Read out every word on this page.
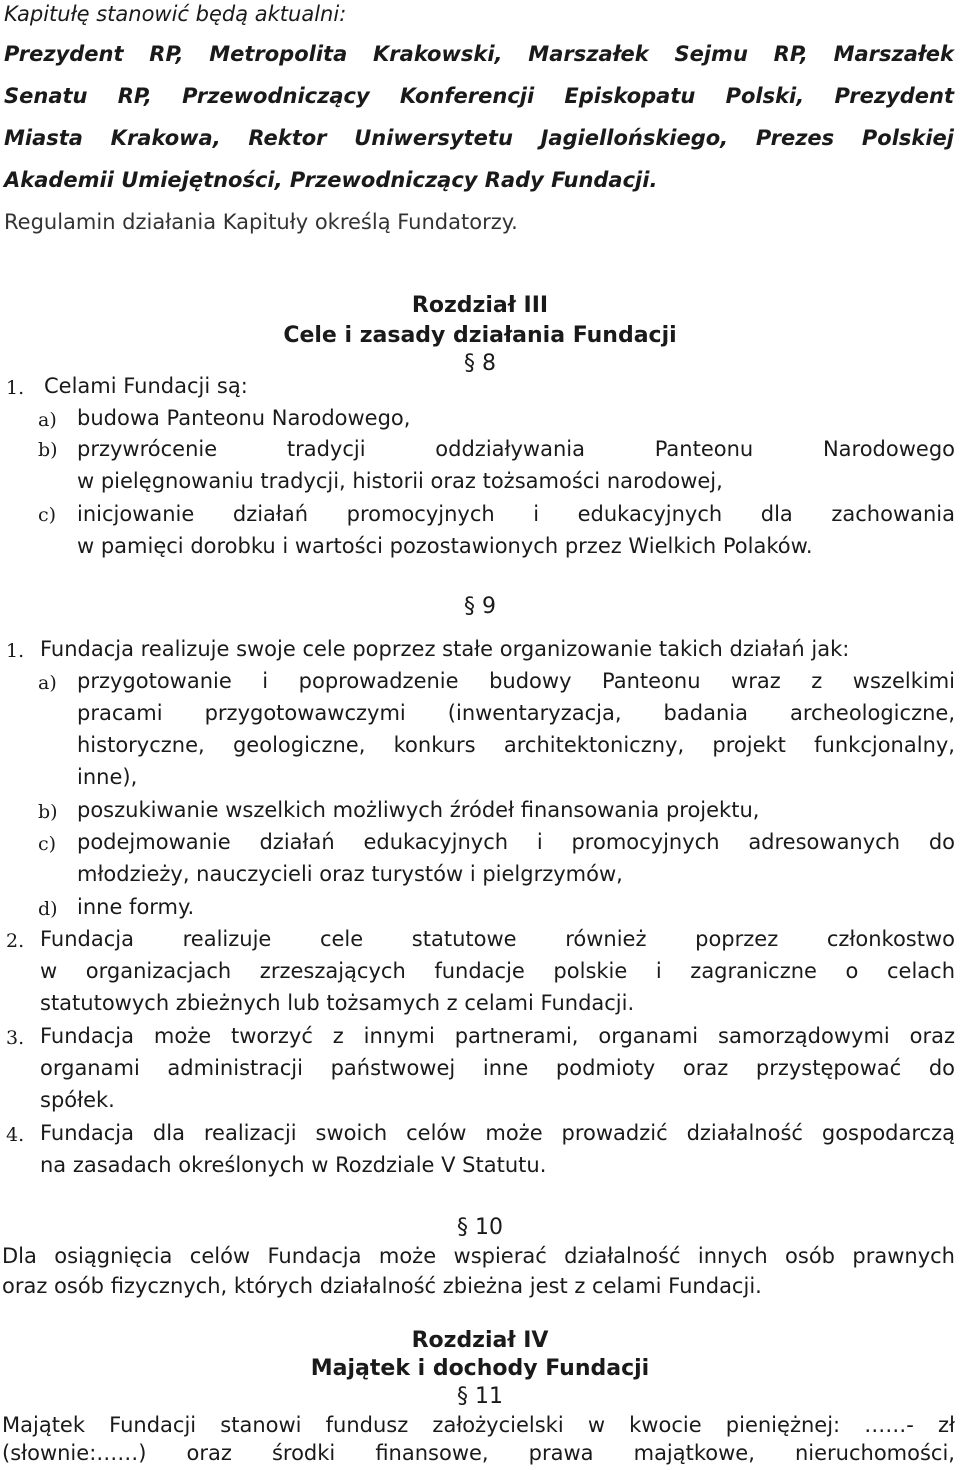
Kapitułę stanowić będą aktualni:
Prezydent RP, Metropolita Krakowski, Marszałek Sejmu RP, Marszałek
Senatu RP, Przewodniczący Konferencji Episkopatu Polski, Prezydent
Miasta Krakowa, Rektor Uniwersytetu Jagiellońskiego, Prezes Polskiej
Akademii Umiejętności, Przewodniczący Rady Fundacji.
Regulamin działania Kapituły określą Fundatorzy.
Rozdział III
Cele i zasady działania Fundacji
§ 8
1. Celami Fundacji są:
a) budowa Panteonu Narodowego,
b) przywrócenie tradycji oddziaływania Panteonu Narodowego
w pielęgnowaniu tradycji, historii oraz tożsamości narodowej,
c) inicjowanie działań promocyjnych i edukacyjnych dla zachowania
w pamięci dorobku i wartości pozostawionych przez Wielkich Polaków.
§ 9
1. Fundacja realizuje swoje cele poprzez stałe organizowanie takich działań jak:
a) przygotowanie i poprowadzenie budowy Panteonu wraz z wszelkimi
pracami przygotowawczymi (inwentaryzacja, badania archeologiczne,
historyczne, geologiczne, konkurs architektoniczny, projekt funkcjonalny,
inne),
b) poszukiwanie wszelkich możliwych źródeł finansowania projektu,
c) podejmowanie działań edukacyjnych i promocyjnych adresowanych do
młodzieży, nauczycieli oraz turystów i pielgrzymów,
d) inne formy.
2. Fundacja realizuje cele statutowe również poprzez członkostwo
w organizacjach zrzeszających fundacje polskie i zagraniczne o celach
statutowych zbieżnych lub tożsamych z celami Fundacji.
3. Fundacja może tworzyć z innymi partnerami, organami samorządowymi oraz
organami administracji państwowej inne podmioty oraz przystępować do
spółek.
4. Fundacja dla realizacji swoich celów może prowadzić działalność gospodarczą
na zasadach określonych w Rozdziale V Statutu.
§ 10
Dla osiągnięcia celów Fundacja może wspierać działalność innych osób prawnych
oraz osób fizycznych, których działalność zbieżna jest z celami Fundacji.
Rozdział IV
Majątek i dochody Fundacji
§ 11
Majątek Fundacji stanowi fundusz założycielski w kwocie pieniężnej: ……- zł
(słownie:……) oraz środki finansowe, prawa majątkowe, nieruchomości,
